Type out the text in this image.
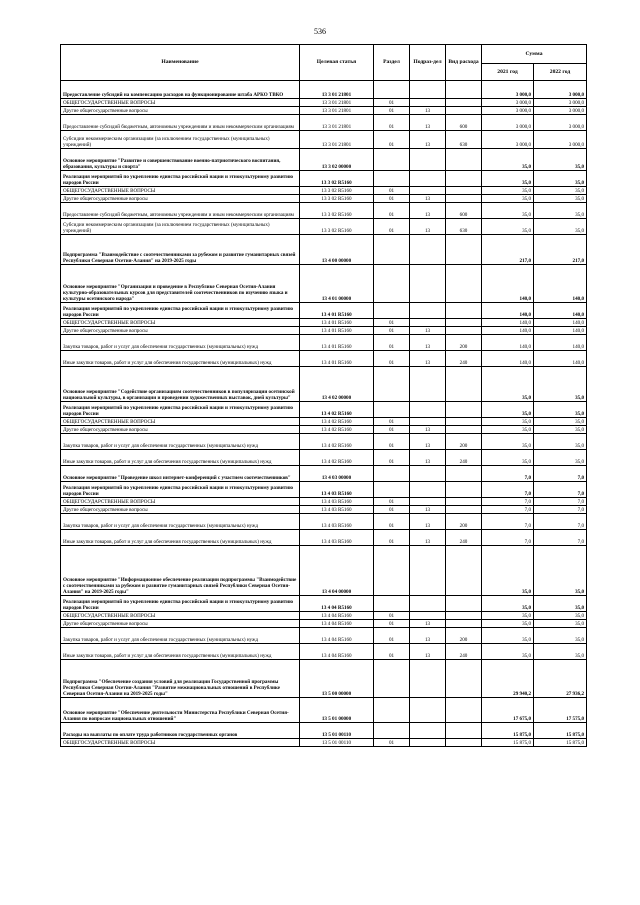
536
Наименование	Целевая статья	Раздел	Подраз-дел	Вид расхода	Сумма	
					2021 год	2022 год
Предоставление субсидий на компенсацию расходов на функционирование штаба АРКО ТВКО	13 3 01 21801				3 000,0	3 000,0
ОБЩЕГОСУДАРСТВЕННЫЕ ВОПРОСЫ	13 3 01 21801	01			3 000,0	3 000,0
Другие общегосударственные вопросы	13 3 01 21801	01	13		3 000,0	3 000,0
Предоставление субсидий бюджетным, автономным учреждениям и иным некоммерческим организациям	13 3 01 21801	01	13	600	3 000,0	3 000,0
Субсидии некоммерческим организациям (за исключением государственных (муниципальных) учреждений)	13 3 01 21801	01	13	630	3 000,0	3 000,0
Основное мероприятие "Развитие и совершенствование военно-патриотического воспитания, образования, культуры и спорта"	13 3 02 00000				35,0	35,0
Реализация мероприятий по укреплению единства российской нации и этнокультурному развитию народов России	13 3 02 R5160				35,0	35,0
ОБЩЕГОСУДАРСТВЕННЫЕ ВОПРОСЫ	13 3 02 R5160	01			35,0	35,0
Другие общегосударственные вопросы	13 3 02 R5160	01	13		35,0	35,0
Предоставление субсидий бюджетным, автономным учреждениям и иным некоммерческим организациям	13 3 02 R5160	01	13	600	35,0	35,0
Субсидии некоммерческим организациям (за исключением государственных (муниципальных) учреждений)	13 3 02 R5160	01	13	630	35,0	35,0
Подпрограмма "Взаимодействие с соотечественниками за рубежом и развитие гуманитарных связей Республики Северная Осетия-Алания" на 2019-2025 годы	13 4 00 00000				217,0	217,0
Основное мероприятие "Организация и проведение в Республике Северная Осетия-Алания культурно-образовательных курсов для представителей соотечественников по изучению языка и культуры осетинского народа"	13 4 01 00000				140,0	140,0
Реализация мероприятий по укреплению единства российской нации и этнокультурному развитию народов России	13 4 01 R5160				140,0	140,0
ОБЩЕГОСУДАРСТВЕННЫЕ ВОПРОСЫ	13 4 01 R5160	01			140,0	140,0
Другие общегосударственные вопросы	13 4 01 R5160	01	13		140,0	140,0
Закупка товаров, работ и услуг для обеспечения государственных (муниципальных) нужд	13 4 01 R5160	01	13	200	140,0	140,0
Иные закупки товаров, работ и услуг для обеспечения государственных (муниципальных) нужд	13 4 01 R5160	01	13	240	140,0	140,0
Основное мероприятие "Содействие организациям соотечественников в популяризации осетинской национальной культуры, в организации и проведении художественных выставок, дней культуры"	13 4 02 00000				35,0	35,0
Реализация мероприятий по укреплению единства российской нации и этнокультурному развитию народов России	13 4 02 R5160				35,0	35,0
ОБЩЕГОСУДАРСТВЕННЫЕ ВОПРОСЫ	13 4 02 R5160	01			35,0	35,0
Другие общегосударственные вопросы	13 4 02 R5160	01	13		35,0	35,0
Закупка товаров, работ и услуг для обеспечения государственных (муниципальных) нужд	13 4 02 R5160	01	13	200	35,0	35,0
Иные закупки товаров, работ и услуг для обеспечения государственных (муниципальных) нужд	13 4 02 R5160	01	13	240	35,0	35,0
Основное мероприятие "Проведение школ интернет-конференций с участием соотечественников"	13 4 03 00000				7,0	7,0
Реализация мероприятий по укреплению единства российской нации и этнокультурному развитию народов России	13 4 03 R5160				7,0	7,0
ОБЩЕГОСУДАРСТВЕННЫЕ ВОПРОСЫ	13 4 03 R5160	01			7,0	7,0
Другие общегосударственные вопросы	13 4 03 R5160	01	13		7,0	7,0
Закупка товаров, работ и услуг для обеспечения государственных (муниципальных) нужд	13 4 03 R5160	01	13	200	7,0	7,0
Иные закупки товаров, работ и услуг для обеспечения государственных (муниципальных) нужд	13 4 03 R5160	01	13	240	7,0	7,0
Основное мероприятие "Информационное обеспечение реализации подпрограммы "Взаимодействие с соотечественниками за рубежом и развитие гуманитарных связей Республики Северная Осетия-Алания" на 2019-2025 годы"	13 4 04 00000				35,0	35,0
Реализация мероприятий по укреплению единства российской нации и этнокультурному развитию народов России	13 4 04 R5160				35,0	35,0
ОБЩЕГОСУДАРСТВЕННЫЕ ВОПРОСЫ	13 4 04 R5160	01			35,0	35,0
Другие общегосударственные вопросы	13 4 04 R5160	01	13		35,0	35,0
Закупка товаров, работ и услуг для обеспечения государственных (муниципальных) нужд	13 4 04 R5160	01	13	200	35,0	35,0
Иные закупки товаров, работ и услуг для обеспечения государственных (муниципальных) нужд	13 4 04 R5160	01	13	240	35,0	35,0
Подпрограмма "Обеспечение создания условий для реализации Государственной программы Республики Северная Осетия-Алания "Развитие межнациональных отношений в Республике Северная Осетия-Алания на 2019-2025 годы"	13 5 00 00000				29 940,2	27 936,2
Основное мероприятие "Обеспечение деятельности Министерства Республики Северная Осетия-Алания по вопросам национальных отношений"	13 5 01 00000				17 675,0	17 575,0
Расходы на выплаты по оплате труда работников государственных органов	13 5 01 00110				15 875,0	15 875,0
ОБЩЕГОСУДАРСТВЕННЫЕ ВОПРОСЫ	13 5 01 00110	01			15 875,0	15 875,0
